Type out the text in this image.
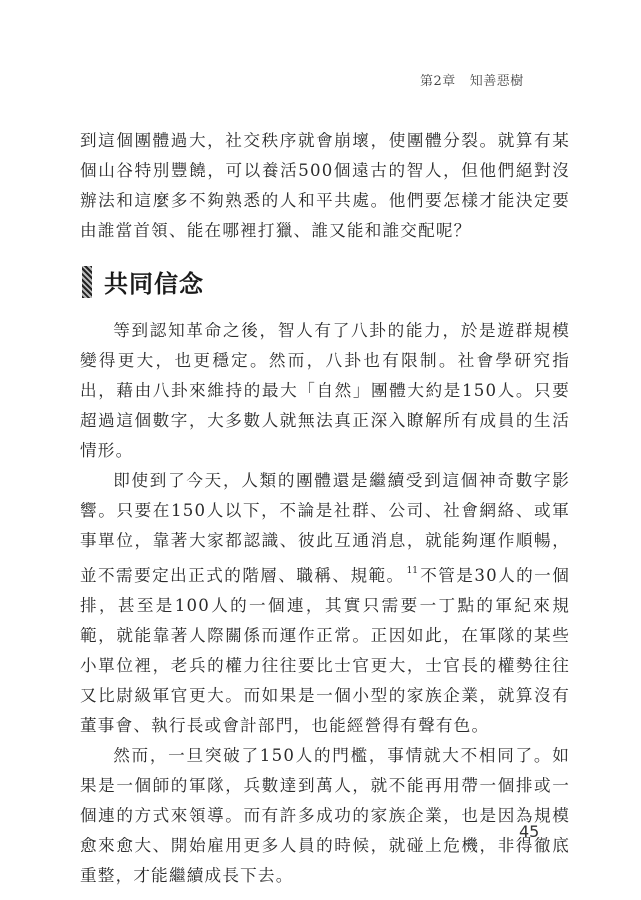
第2章 知善惡樹

到這個團體過大，社交秩序就會崩壞，使團體分裂。就算有某個山谷特別豐饒，可以養活500個遠古的智人，但他們絕對沒辦法和這麼多不夠熟悉的人和平共處。他們要怎樣才能決定要由誰當首領、能在哪裡打獵、誰又能和誰交配呢？

共同信念

等到認知革命之後，智人有了八卦的能力，於是遊群規模變得更大，也更穩定。然而，八卦也有限制。社會學研究指出，藉由八卦來維持的最大「自然」團體大約是150人。只要超過這個數字，大多數人就無法真正深入瞭解所有成員的生活情形。

即使到了今天，人類的團體還是繼續受到這個神奇數字影響。只要在150人以下，不論是社群、公司、社會網絡、或軍事單位，靠著大家都認識、彼此互通消息，就能夠運作順暢，並不需要定出正式的階層、職稱、規範。 $^{11}$ 不管是30人的一個排，甚至是100人的一個連，其實只需要一丁點的軍紀來規範，就能靠著人際關係而運作正常。正因如此，在軍隊的某些小單位裡，老兵的權力往往要比士官更大，士官長的權勢往往又比尉級軍官更大。而如果是一個小型的家族企業，就算沒有董事會、執行長或會計部門，也能經營得有聲有色。

然而，一旦突破了150人的門檻，事情就大不相同了。如果是一個師的軍隊，兵數達到萬人，就不能再用帶一個排或一個連的方式來領導。而有許多成功的家族企業，也是因為規模愈來愈大、開始雇用更多人員的時候，就碰上危機，非得徹底重整，才能繼續成長下去。

45
